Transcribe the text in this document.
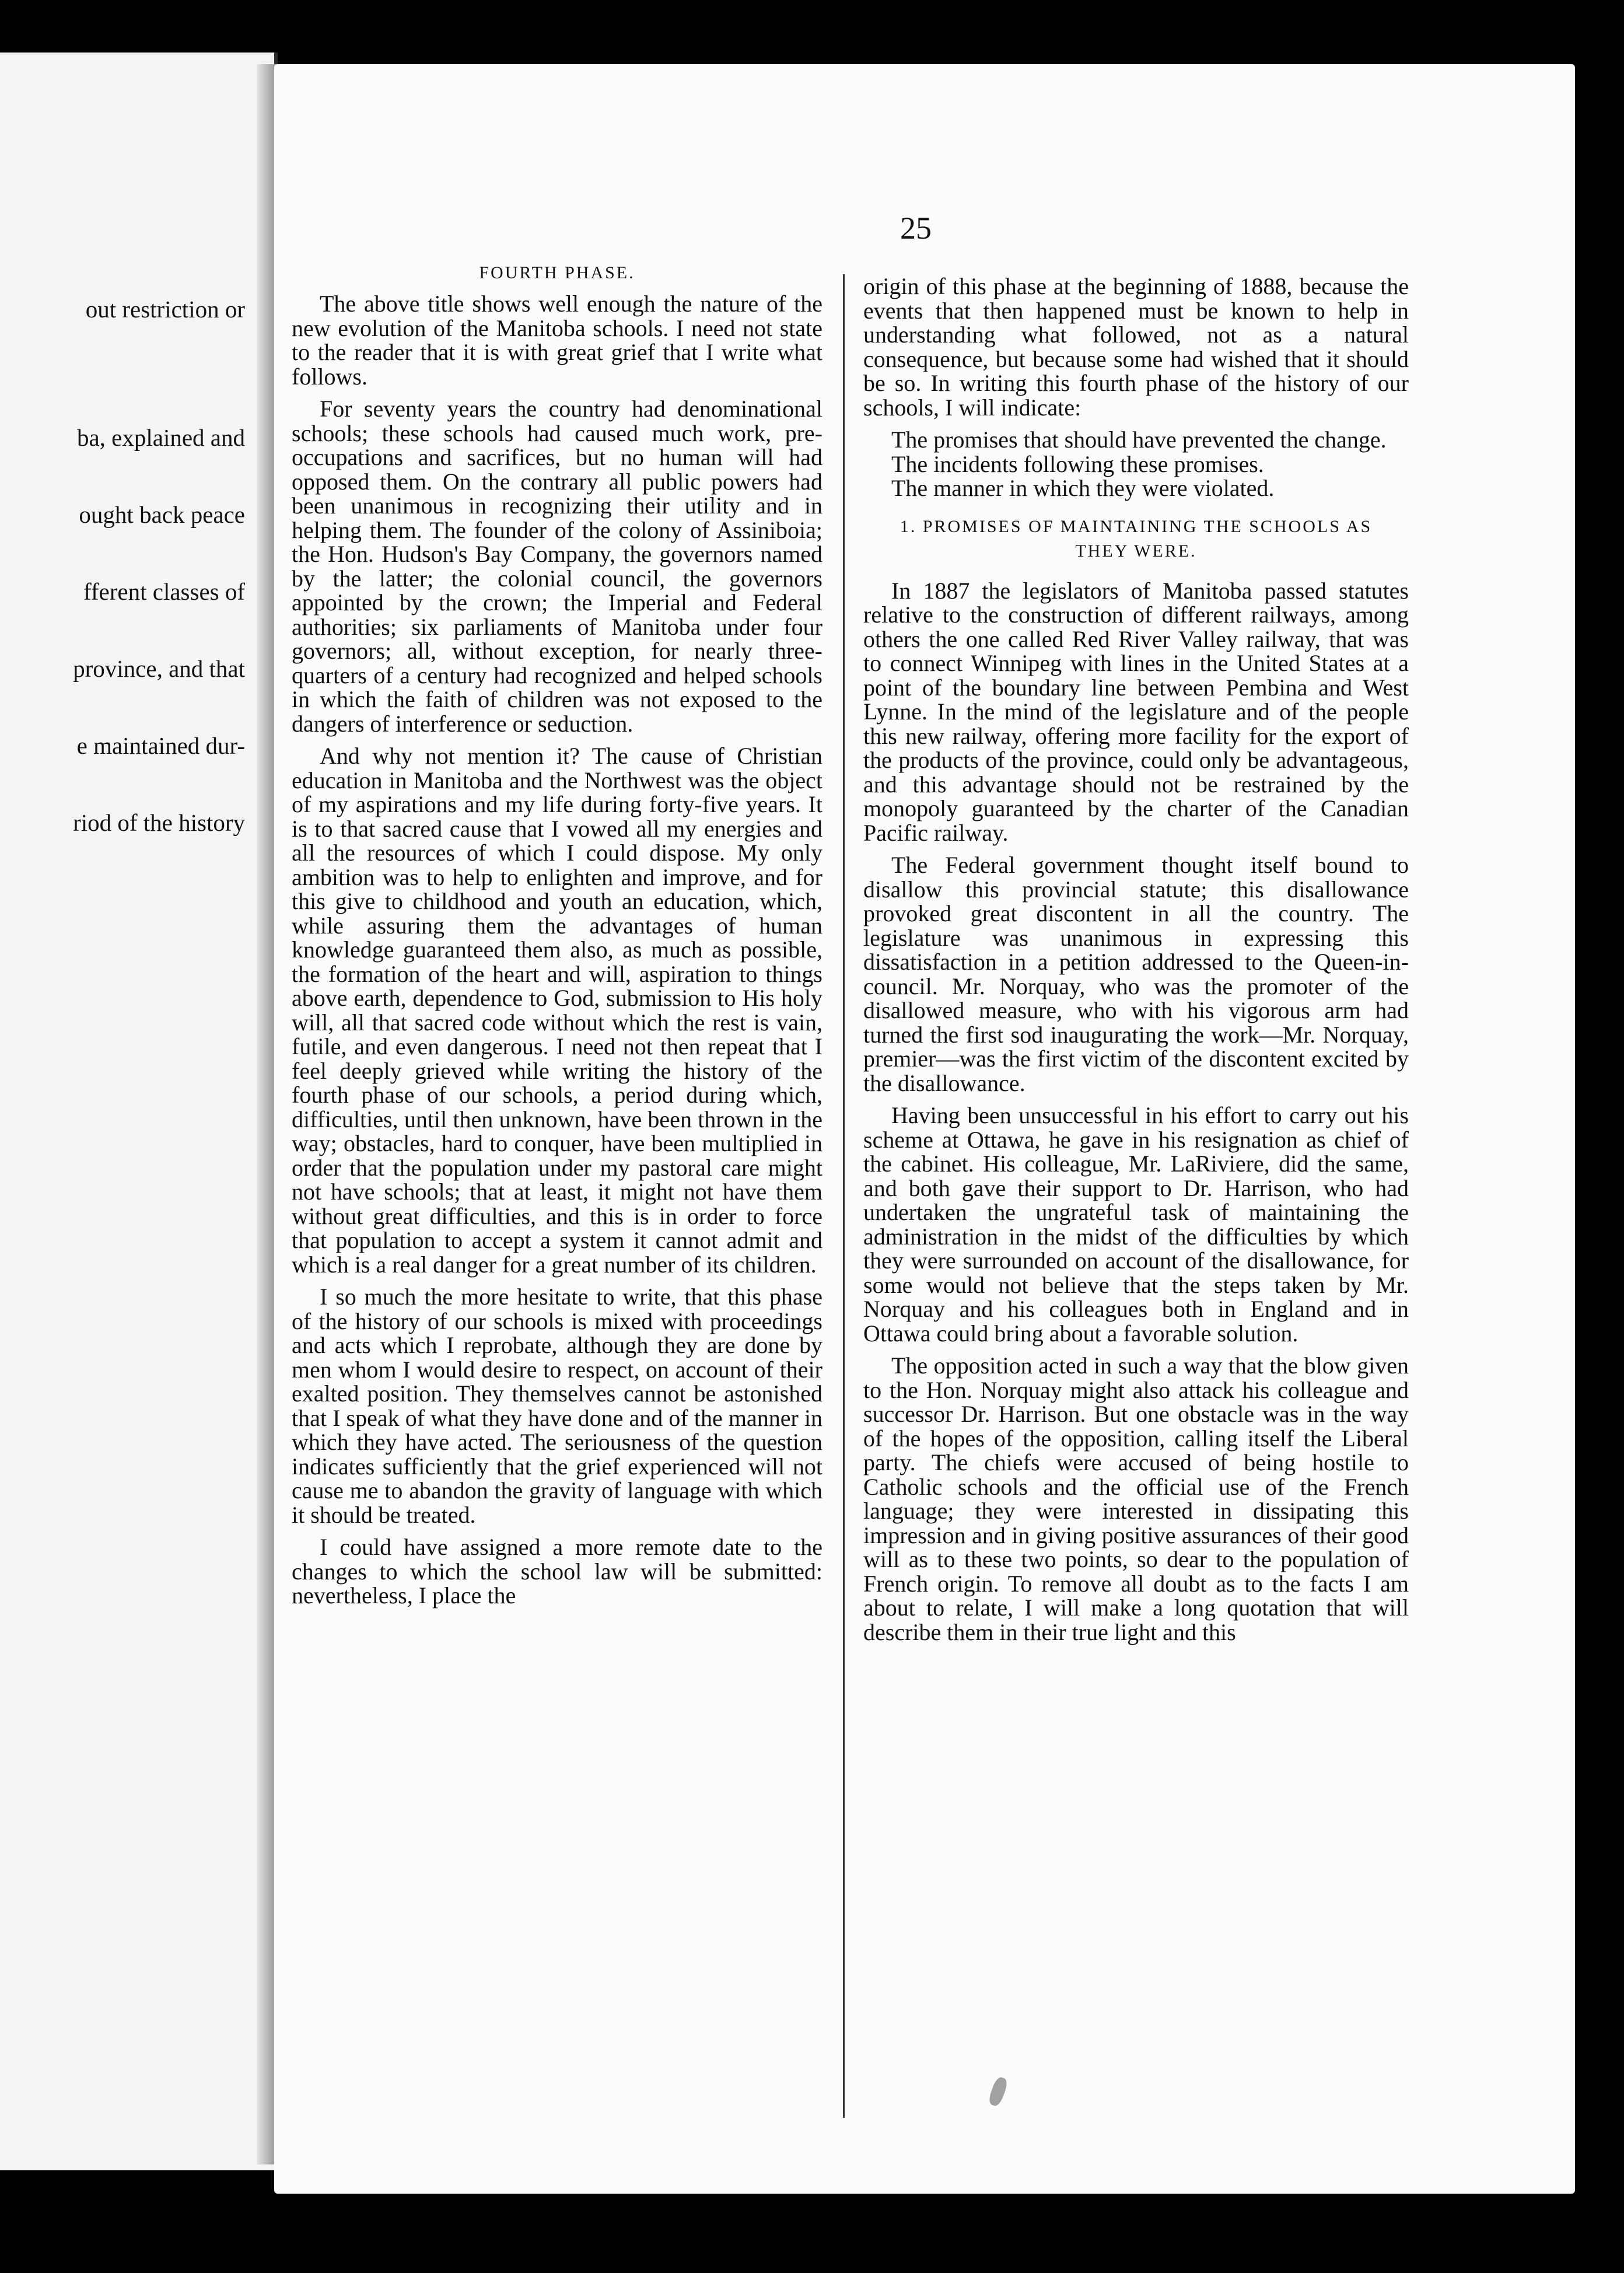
out restriction or

ba, explained and

ought back peace

fferent classes of

province, and that

e maintained dur-

riod of the history

25
FOURTH PHASE.

The above title shows well enough the nature of the new evolution of the Manitoba schools. I need not state to the reader that it is with great grief that I write what follows.

For seventy years the country had denominational schools; these schools had caused much work, pre-occupations and sacrifices, but no human will had opposed them. On the contrary all public powers had been unanimous in recognizing their utility and in helping them. The founder of the colony of Assiniboia; the Hon. Hudson's Bay Company, the governors named by the latter; the colonial council, the governors appointed by the crown; the Imperial and Federal authorities; six parliaments of Manitoba under four governors; all, without exception, for nearly three-quarters of a century had recognized and helped schools in which the faith of children was not exposed to the dangers of interference or seduction.

And why not mention it? The cause of Christian education in Manitoba and the Northwest was the object of my aspirations and my life during forty-five years. It is to that sacred cause that I vowed all my energies and all the resources of which I could dispose. My only ambition was to help to enlighten and improve, and for this give to childhood and youth an education, which, while assuring them the advantages of human knowledge guaranteed them also, as much as possible, the formation of the heart and will, aspiration to things above earth, dependence to God, submission to His holy will, all that sacred code without which the rest is vain, futile, and even dangerous. I need not then repeat that I feel deeply grieved while writing the history of the fourth phase of our schools, a period during which, difficulties, until then unknown, have been thrown in the way; obstacles, hard to conquer, have been multiplied in order that the population under my pastoral care might not have schools; that at least, it might not have them without great difficulties, and this is in order to force that population to accept a system it cannot admit and which is a real danger for a great number of its children.

I so much the more hesitate to write, that this phase of the history of our schools is mixed with proceedings and acts which I reprobate, although they are done by men whom I would desire to respect, on account of their exalted position. They themselves cannot be astonished that I speak of what they have done and of the manner in which they have acted. The seriousness of the question indicates sufficiently that the grief experienced will not cause me to abandon the gravity of language with which it should be treated.

I could have assigned a more remote date to the changes to which the school law will be submitted: nevertheless, I place the

origin of this phase at the beginning of 1888, because the events that then happened must be known to help in understanding what followed, not as a natural consequence, but because some had wished that it should be so. In writing this fourth phase of the history of our schools, I will indicate:

The promises that should have prevented the change.

The incidents following these promises.

The manner in which they were violated.

1. PROMISES OF MAINTAINING THE SCHOOLS AS THEY WERE.

In 1887 the legislators of Manitoba passed statutes relative to the construction of different railways, among others the one called Red River Valley railway, that was to connect Winnipeg with lines in the United States at a point of the boundary line between Pembina and West Lynne. In the mind of the legislature and of the people this new railway, offering more facility for the export of the products of the province, could only be advantageous, and this advantage should not be restrained by the monopoly guaranteed by the charter of the Canadian Pacific railway.

The Federal government thought itself bound to disallow this provincial statute; this disallowance provoked great discontent in all the country. The legislature was unanimous in expressing this dissatisfaction in a petition addressed to the Queen-in-council. Mr. Norquay, who was the promoter of the disallowed measure, who with his vigorous arm had turned the first sod inaugurating the work—Mr. Norquay, premier—was the first victim of the discontent excited by the disallowance.

Having been unsuccessful in his effort to carry out his scheme at Ottawa, he gave in his resignation as chief of the cabinet. His colleague, Mr. LaRiviere, did the same, and both gave their support to Dr. Harrison, who had undertaken the ungrateful task of maintaining the administration in the midst of the difficulties by which they were surrounded on account of the disallowance, for some would not believe that the steps taken by Mr. Norquay and his colleagues both in England and in Ottawa could bring about a favorable solution.

The opposition acted in such a way that the blow given to the Hon. Norquay might also attack his colleague and successor Dr. Harrison. But one obstacle was in the way of the hopes of the opposition, calling itself the Liberal party. The chiefs were accused of being hostile to Catholic schools and the official use of the French language; they were interested in dissipating this impression and in giving positive assurances of their good will as to these two points, so dear to the population of French origin. To remove all doubt as to the facts I am about to relate, I will make a long quotation that will describe them in their true light and this
